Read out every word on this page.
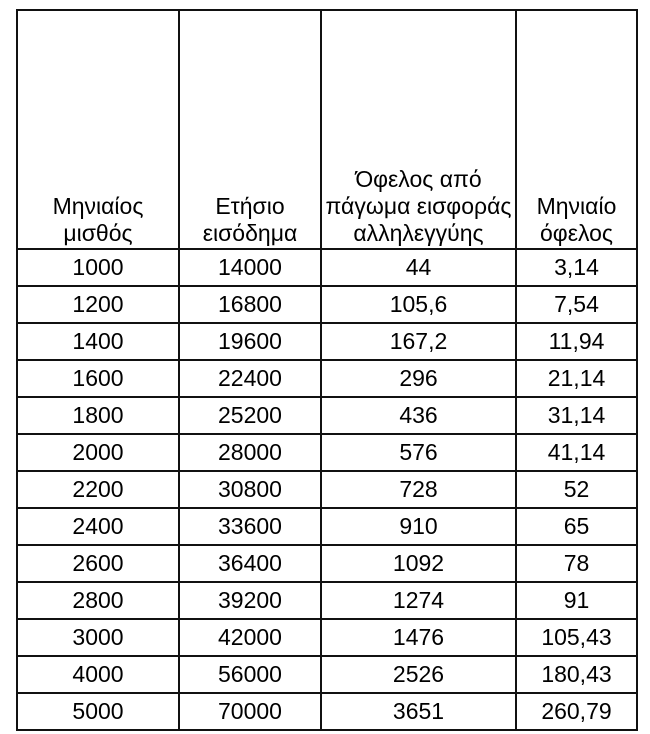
Μηνιαίος μισθός	Ετήσιο εισόδημα	Όφελος από πάγωμα εισφοράς αλληλεγγύης	Μηνιαίο όφελος
1000	14000	44	3,14
1200	16800	105,6	7,54
1400	19600	167,2	11,94
1600	22400	296	21,14
1800	25200	436	31,14
2000	28000	576	41,14
2200	30800	728	52
2400	33600	910	65
2600	36400	1092	78
2800	39200	1274	91
3000	42000	1476	105,43
4000	56000	2526	180,43
5000	70000	3651	260,79
